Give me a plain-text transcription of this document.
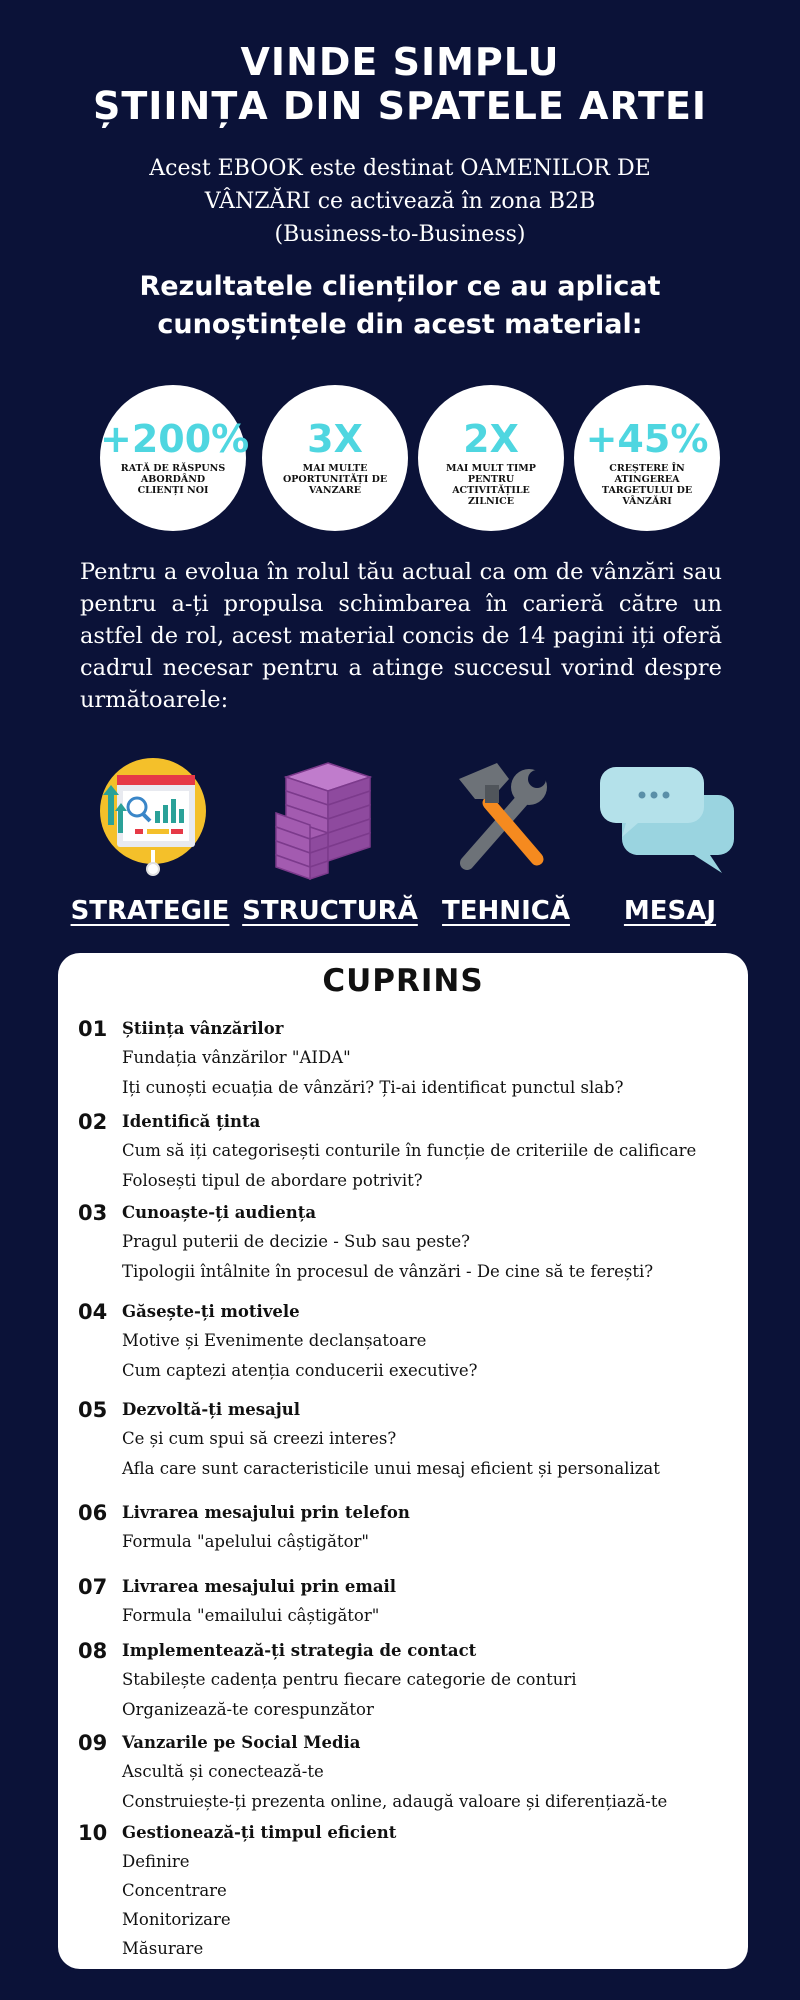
VINDE SIMPLU
ȘTIINȚA DIN SPATELE ARTEI
Acest EBOOK este destinat OAMENILOR DE
VÂNZĂRI ce activează în zona B2B
(Business-to-Business)
Rezultatele clienților ce au aplicat
cunoștințele din acest material:
+200%
RATĂ DE RĂSPUNS ABORDÂND CLIENȚI NOI
3X
MAI MULTE OPORTUNITĂȚI DE VANZARE
2X
MAI MULT TIMP PENTRU ACTIVITĂȚILE ZILNICE
+45%
CREȘTERE ÎN ATINGEREA TARGETULUI DE VÂNZĂRI
Pentru a evolua în rolul tău actual ca om de vânzări sau pentru a-ți propulsa schimbarea în carieră către un astfel de rol, acest material concis de 14 pagini iți oferă cadrul necesar pentru a atinge succesul vorind despre următoarele:
STRATEGIE STRUCTURĂ TEHNICĂ	MESAJ
CUPRINS
01 Știința vânzărilor
Fundația vânzărilor "AIDA"
Iți cunoști ecuația de vânzări? Ți-ai identificat punctul slab?
02 Identifică ținta
Cum să iți categorisești conturile în funcție de criteriile de calificare
Folosești tipul de abordare potrivit?
03 Cunoaște-ți audiența
Pragul puterii de decizie - Sub sau peste?
Tipologii întâlnite în procesul de vânzări - De cine să te ferești?
04 Găsește-ți motivele
Motive și Evenimente declanșatoare
Cum captezi atenția conducerii executive?
05 Dezvoltă-ți mesajul
Ce și cum spui să creezi interes?
Afla care sunt caracteristicile unui mesaj eficient și personalizat
06 Livrarea mesajului prin telefon
Formula "apelului câștigător"
07 Livrarea mesajului prin email
Formula "emailului câștigător"
08 Implementează-ți strategia de contact
Stabilește cadența pentru fiecare categorie de conturi
Organizează-te corespunzător
09 Vanzarile pe Social Media
Ascultă și conectează-te
Construiește-ți prezenta online, adaugă valoare și diferențiază-te
10 Gestionează-ți timpul eficient
Definire
Concentrare
Monitorizare
Măsurare
